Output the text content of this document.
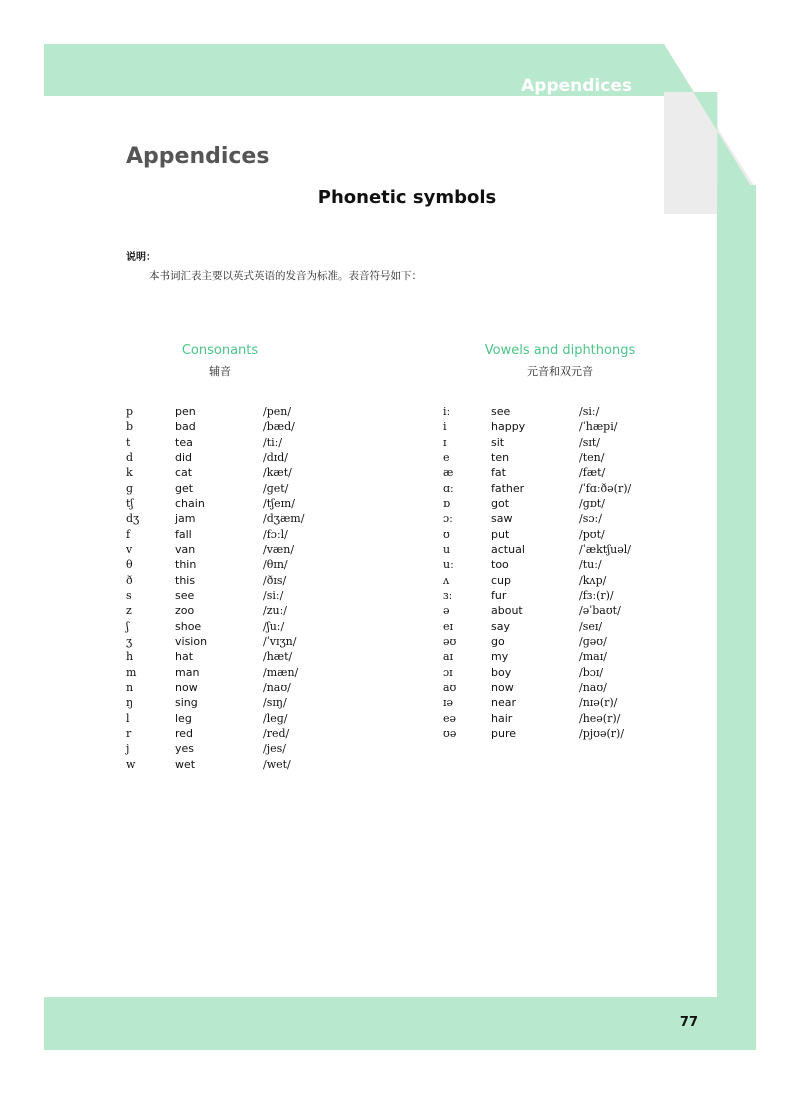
Appendices
77
Appendices
Phonetic symbols
说明：
本书词汇表主要以英式英语的发音为标准。表音符号如下：
Consonants
辅音
p	pen	/pen/
b	bad	/bæd/
t	tea	/tiː/
d	did	/dɪd/
k	cat	/kæt/
ɡ	get	/ɡet/
tʃ	chain	/tʃeɪn/
dʒ	jam	/dʒæm/
f	fall	/fɔːl/
v	van	/væn/
θ	thin	/θɪn/
ð	this	/ðɪs/
s	see	/siː/
z	zoo	/zuː/
ʃ	shoe	/ʃuː/
ʒ	vision	/ˈvɪʒn/
h	hat	/hæt/
m	man	/mæn/
n	now	/naʊ/
ŋ	sing	/sɪŋ/
l	leg	/leɡ/
r	red	/red/
j	yes	/jes/
w	wet	/wet/
Vowels and diphthongs
元音和双元音
iː	see	/siː/
i	happy	/ˈhæpi/
ɪ	sit	/sɪt/
e	ten	/ten/
æ	fat	/fæt/
ɑː	father	/ˈfɑːðə(r)/
ɒ	got	/ɡɒt/
ɔː	saw	/sɔː/
ʊ	put	/pʊt/
u	actual	/ˈæktʃuəl/
uː	too	/tuː/
ʌ	cup	/kʌp/
ɜː	fur	/fɜː(r)/
ə	about	/əˈbaʊt/
eɪ	say	/seɪ/
əʊ	go	/ɡəʊ/
aɪ	my	/maɪ/
ɔɪ	boy	/bɔɪ/
aʊ	now	/naʊ/
ɪə	near	/nɪə(r)/
eə	hair	/heə(r)/
ʊə	pure	/pjʊə(r)/
